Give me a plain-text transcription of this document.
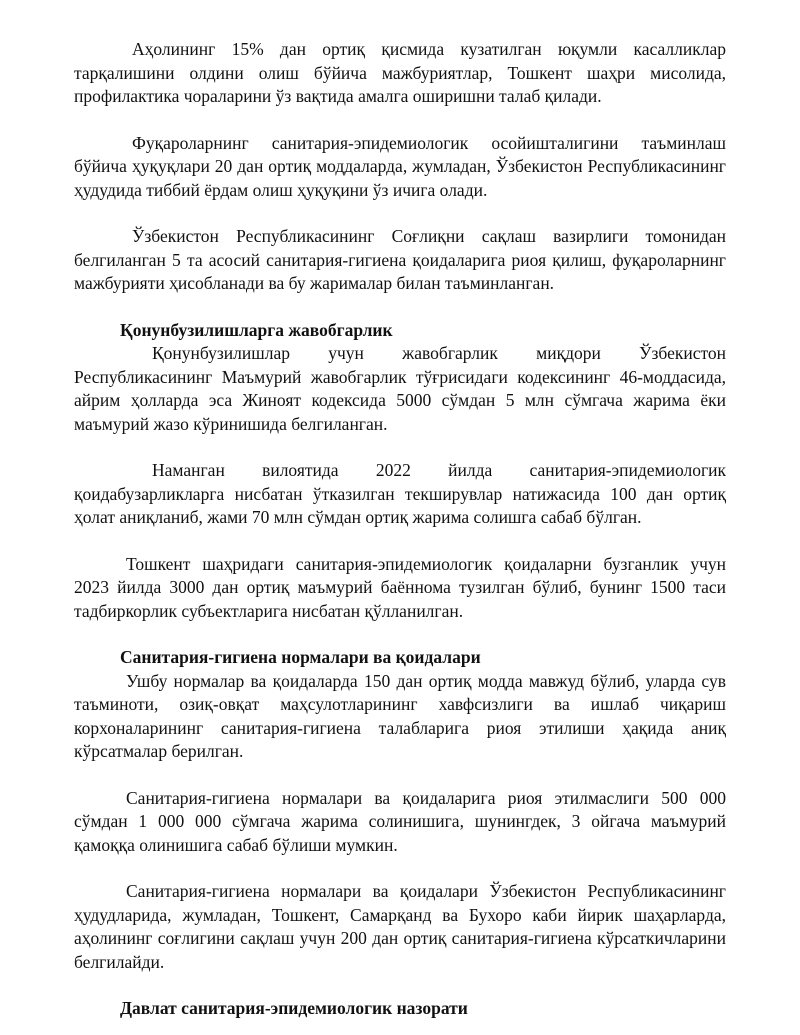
Аҳолининг 15% дан ортиқ қисмида кузатилган юқумли касалликлар тарқалишини олдини олиш бўйича мажбуриятлар, Тошкент шаҳри мисолида, профилактика чораларини ўз вақтида амалга оширишни талаб қилади.

Фуқароларнинг санитария-эпидемиологик осойишталигини таъминлаш бўйича ҳуқуқлари 20 дан ортиқ моддаларда, жумладан, Ўзбекистон Республикасининг ҳудудида тиббий ёрдам олиш ҳуқуқини ўз ичига олади.

Ўзбекистон Республикасининг Соғлиқни сақлаш вазирлиги томонидан белгиланган 5 та асосий санитария-гигиена қоидаларига риоя қилиш, фуқароларнинг мажбурияти ҳисобланади ва бу жарималар билан таъминланган.

Қонунбузилишларга жавобгарлик

Қонунбузилишлар учун жавобгарлик миқдори Ўзбекистон Республикасининг Маъмурий жавобгарлик тўғрисидаги кодексининг 46-моддасида, айрим ҳолларда эса Жиноят кодексида 5000 сўмдан 5 млн сўмгача жарима ёки маъмурий жазо кўринишида белгиланган.

Наманган вилоятида 2022 йилда санитария-эпидемиологик қоидабузарликларга нисбатан ўтказилган текширувлар натижасида 100 дан ортиқ ҳолат аниқланиб, жами 70 млн сўмдан ортиқ жарима солишга сабаб бўлган.

Тошкент шаҳридаги санитария-эпидемиологик қоидаларни бузганлик учун 2023 йилда 3000 дан ортиқ маъмурий баённома тузилган бўлиб, бунинг 1500 таси тадбиркорлик субъектларига нисбатан қўлланилган.

Санитария-гигиена нормалари ва қоидалари

Ушбу нормалар ва қоидаларда 150 дан ортиқ модда мавжуд бўлиб, уларда сув таъминоти, озиқ-овқат маҳсулотларининг хавфсизлиги ва ишлаб чиқариш корхоналарининг санитария-гигиена талабларига риоя этилиши ҳақида аниқ кўрсатмалар берилган.

Санитария-гигиена нормалари ва қоидаларига риоя этилмаслиги 500 000 сўмдан 1 000 000 сўмгача жарима солинишига, шунингдек, 3 ойгача маъмурий қамоққа олинишига сабаб бўлиши мумкин.

Санитария-гигиена нормалари ва қоидалари Ўзбекистон Республикасининг ҳудудларида, жумладан, Тошкент, Самарқанд ва Бухоро каби йирик шаҳарларда, аҳолининг соғлигини сақлаш учун 200 дан ортиқ санитария-гигиена кўрсаткичларини белгилайди.

Давлат санитария-эпидемиологик назорати
